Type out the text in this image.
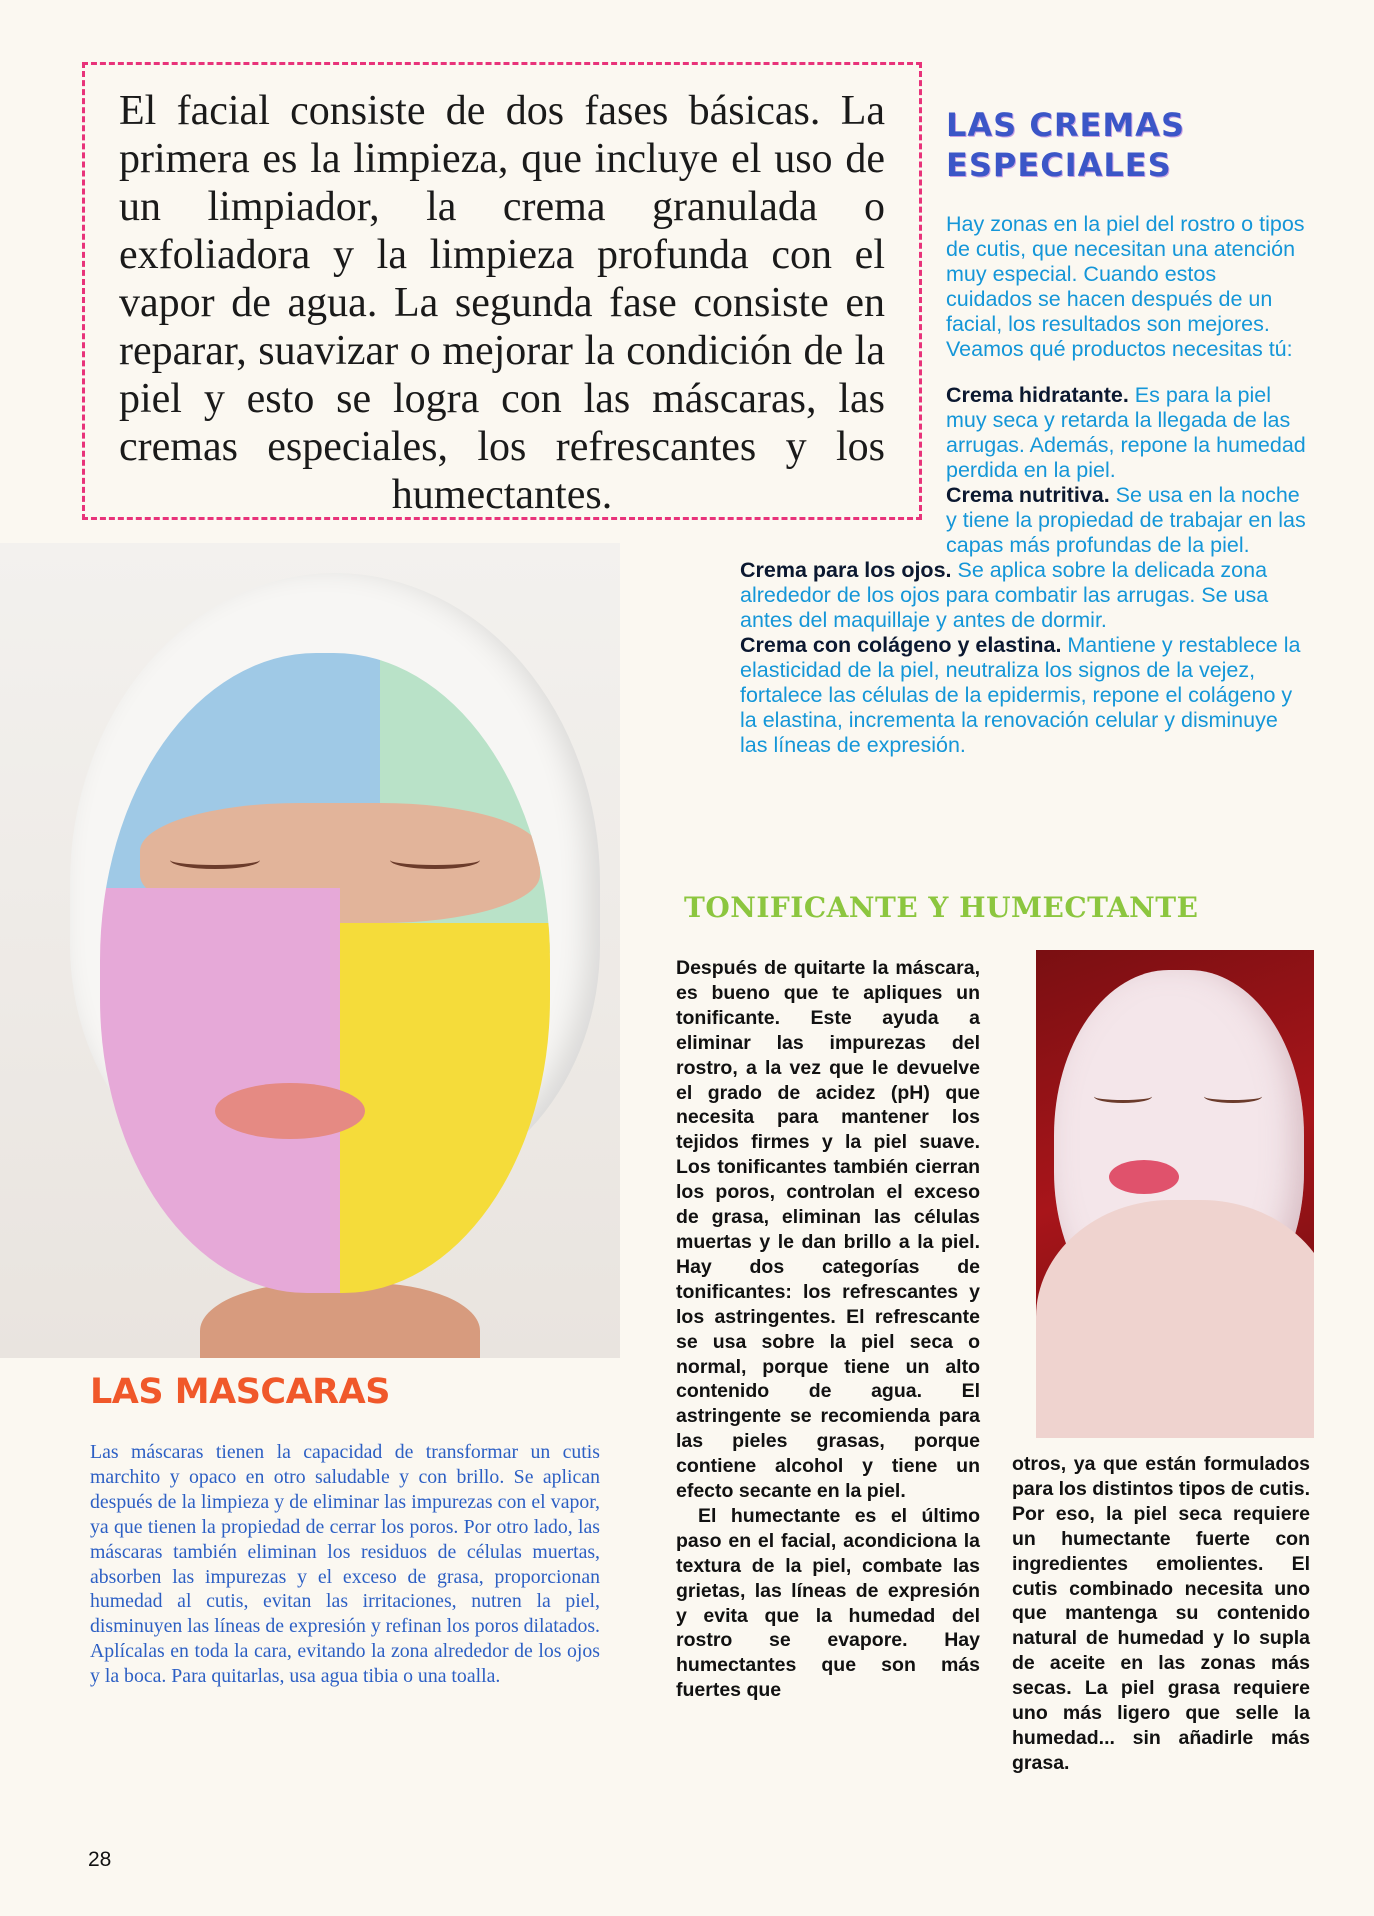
El facial consiste de dos fases básicas. La primera es la limpieza, que incluye el uso de un limpiador, la crema granulada o exfoliadora y la limpieza profunda con el vapor de agua. La segunda fase consiste en reparar, suavizar o mejorar la condición de la piel y esto se logra con las máscaras, las cremas especiales, los refrescantes y los humectantes.
LAS CREMAS
ESPECIALES
Hay zonas en la piel del rostro o tipos de cutis, que necesitan una atención muy especial. Cuando estos cuidados se hacen después de un facial, los resultados son mejores. Veamos qué productos necesitas tú:

Crema hidratante. Es para la piel muy seca y retarda la llegada de las arrugas. Además, repone la humedad perdida en la piel.

Crema nutritiva. Se usa en la noche y tiene la propiedad de trabajar en las capas más profundas de la piel.

Crema para los ojos. Se aplica sobre la delicada zona alrededor de los ojos para combatir las arrugas. Se usa antes del maquillaje y antes de dormir.

Crema con colágeno y elastina. Mantiene y restablece la elasticidad de la piel, neutraliza los signos de la vejez, fortalece las células de la epidermis, repone el colágeno y la elastina, incrementa la renovación celular y disminuye las líneas de expresión.

TONIFICANTE Y HUMECTANTE

Después de quitarte la máscara, es bueno que te apliques un tonificante. Este ayuda a eliminar las impurezas del rostro, a la vez que le devuelve el grado de acidez (pH) que necesita para mantener los tejidos firmes y la piel suave. Los tonificantes también cierran los poros, controlan el exceso de grasa, eliminan las células muertas y le dan brillo a la piel. Hay dos categorías de tonificantes: los refrescantes y los astringentes. El refrescante se usa sobre la piel seca o normal, porque tiene un alto contenido de agua. El astringente se recomienda para las pieles grasas, porque contiene alcohol y tiene un efecto secante en la piel.

El humectante es el último paso en el facial, acondiciona la textura de la piel, combate las grietas, las líneas de expresión y evita que la humedad del rostro se evapore. Hay humectantes que son más fuertes que

otros, ya que están formulados para los distintos tipos de cutis. Por eso, la piel seca requiere un humectante fuerte con ingredientes emolientes. El cutis combinado necesita uno que mantenga su contenido natural de humedad y lo supla de aceite en las zonas más secas. La piel grasa requiere uno más ligero que selle la humedad... sin añadirle más grasa.
LAS MASCARAS
Las máscaras tienen la capacidad de transformar un cutis marchito y opaco en otro saludable y con brillo. Se aplican después de la limpieza y de eliminar las impurezas con el vapor, ya que tienen la propiedad de cerrar los poros. Por otro lado, las máscaras también eliminan los residuos de células muertas, absorben las impurezas y el exceso de grasa, proporcionan humedad al cutis, evitan las irritaciones, nutren la piel, disminuyen las líneas de expresión y refinan los poros dilatados. Aplícalas en toda la cara, evitando la zona alrededor de los ojos y la boca. Para quitarlas, usa agua tibia o una toalla.
28
